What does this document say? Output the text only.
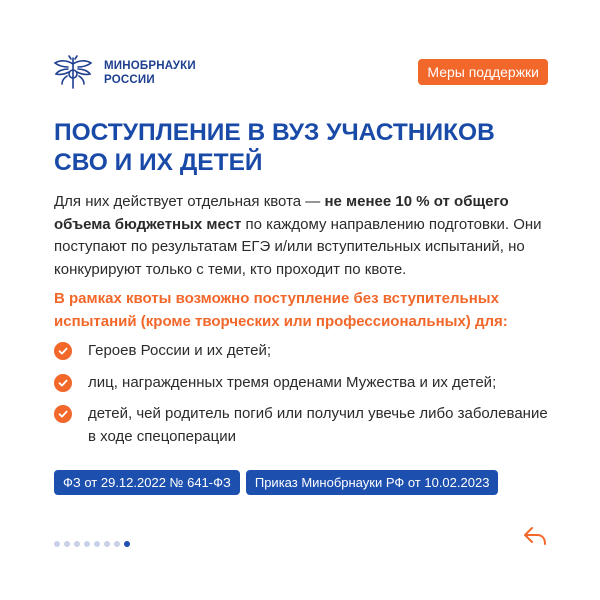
МИНОБРНАУКИ
РОССИИ	Меры поддержки
ПОСТУПЛЕНИЕ В ВУЗ УЧАСТНИКОВ
СВО И ИХ ДЕТЕЙ

Для них действует отдельная квота — не менее 10 % от общего объема бюджетных мест по каждому направлению подготовки. Они поступают по результатам ЕГЭ и/или вступительных испытаний, но конкурируют только с теми, кто проходит по квоте.

В рамках квоты возможно поступление без вступительных испытаний (кроме творческих или профессиональных) для:

Героев России и их детей;
лиц, награжденных тремя орденами Мужества и их детей;
детей, чей родитель погиб или получил увечье либо заболевание в ходе спецоперации
ФЗ от 29.12.2022 № 641-ФЗ	Приказ Минобрнауки РФ от 10.02.2023
